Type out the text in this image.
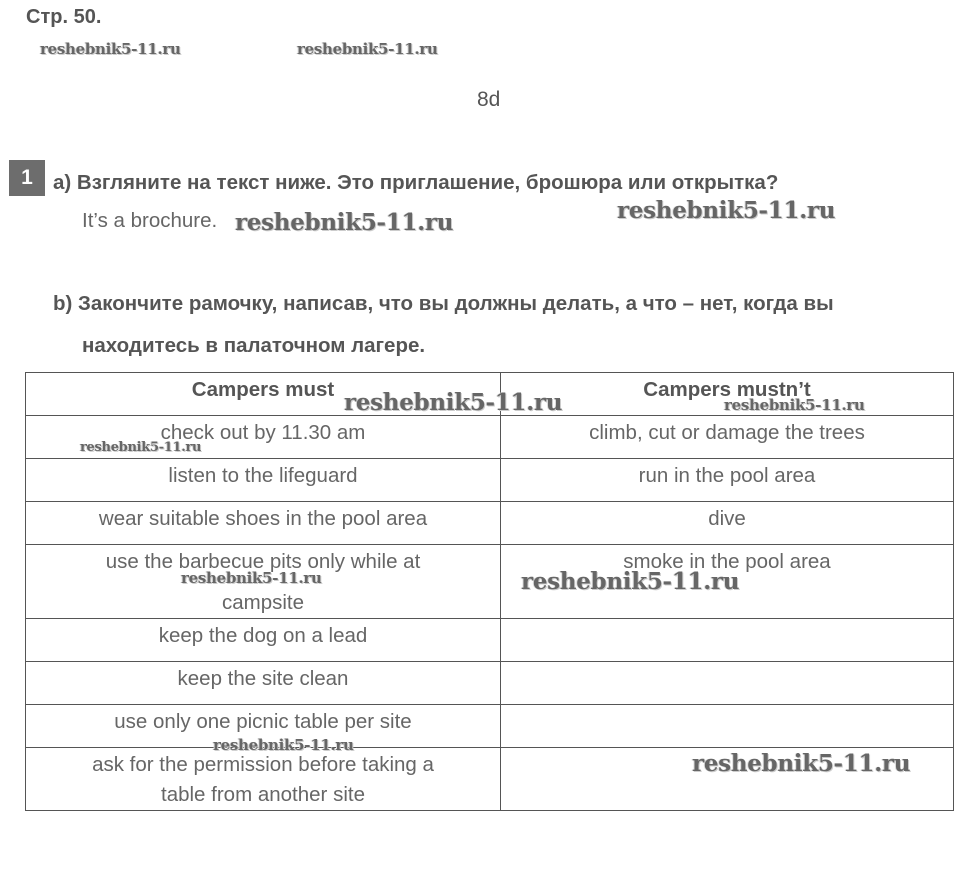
Стр. 50.
reshebnik5-11.ru	reshebnik5-11.ru
8d
1 a) Взгляните на текст ниже. Это приглашение, брошюра или открытка?
It’s a brochure. reshebnik5-11.ru	reshebnik5-11.ru
b) Закончите рамочку, написав, что вы должны делать, а что – нет, когда вы
находитесь в палаточном лагере.
Campers must	Campers mustn’t
check out by 11.30 am	climb, cut or damage the trees
listen to the lifeguard	run in the pool area
wear suitable shoes in the pool area	dive

use the barbecue pits only while at
campsite	smoke in the pool area
keep the dog on a lead	
keep the site clean	
use only one picnic table per site	

ask for the permission before taking a
table from another site	

reshebnik5-11.ru	reshebnik5-11.ru
reshebnik5-11.ru
reshebnik5-11.ru	reshebnik5-11.ru
reshebnik5-11.ru
reshebnik5-11.ru
